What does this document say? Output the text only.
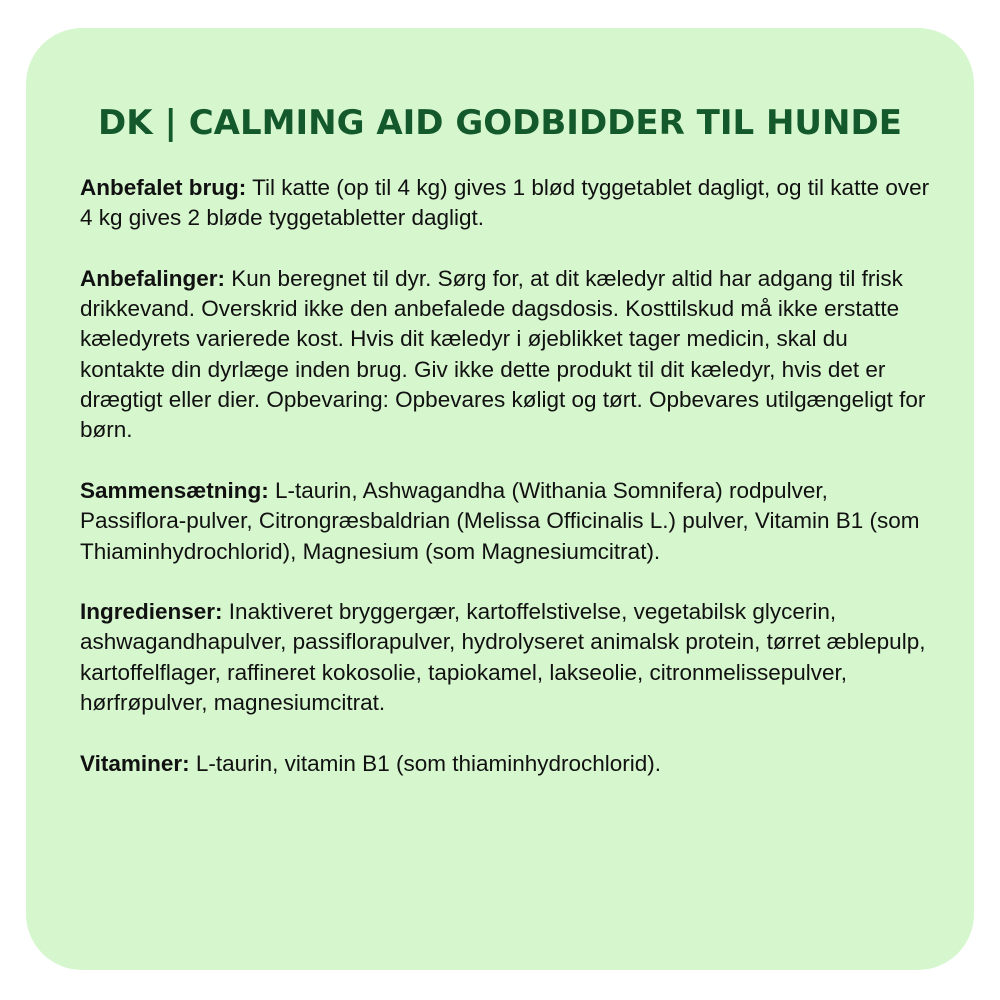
DK | CALMING AID GODBIDDER TIL HUNDE

Anbefalet brug: Til katte (op til 4 kg) gives 1 blød tyggetablet dagligt, og til katte over 4 kg gives 2 bløde tyggetabletter dagligt.

Anbefalinger: Kun beregnet til dyr. Sørg for, at dit kæledyr altid har adgang til frisk drikkevand. Overskrid ikke den anbefalede dagsdosis. Kosttilskud må ikke erstatte kæledyrets varierede kost. Hvis dit kæledyr i øjeblikket tager medicin, skal du kontakte din dyrlæge inden brug. Giv ikke dette produkt til dit kæledyr, hvis det er drægtigt eller dier. Opbevaring: Opbevares køligt og tørt. Opbevares utilgængeligt for børn.

Sammensætning: L-taurin, Ashwagandha (Withania Somnifera) rodpulver, Passiflora-pulver, Citrongræsbaldrian (Melissa Officinalis L.) pulver, Vitamin B1 (som Thiaminhydrochlorid), Magnesium (som Magnesiumcitrat).

Ingredienser: Inaktiveret bryggergær, kartoffelstivelse, vegetabilsk glycerin, ashwagandhapulver, passiflorapulver, hydrolyseret animalsk protein, tørret æblepulp, kartoffelflager, raffineret kokosolie, tapiokamel, lakseolie, citronmelissepulver, hørfrøpulver, magnesiumcitrat.

Vitaminer: L-taurin, vitamin B1 (som thiaminhydrochlorid).
